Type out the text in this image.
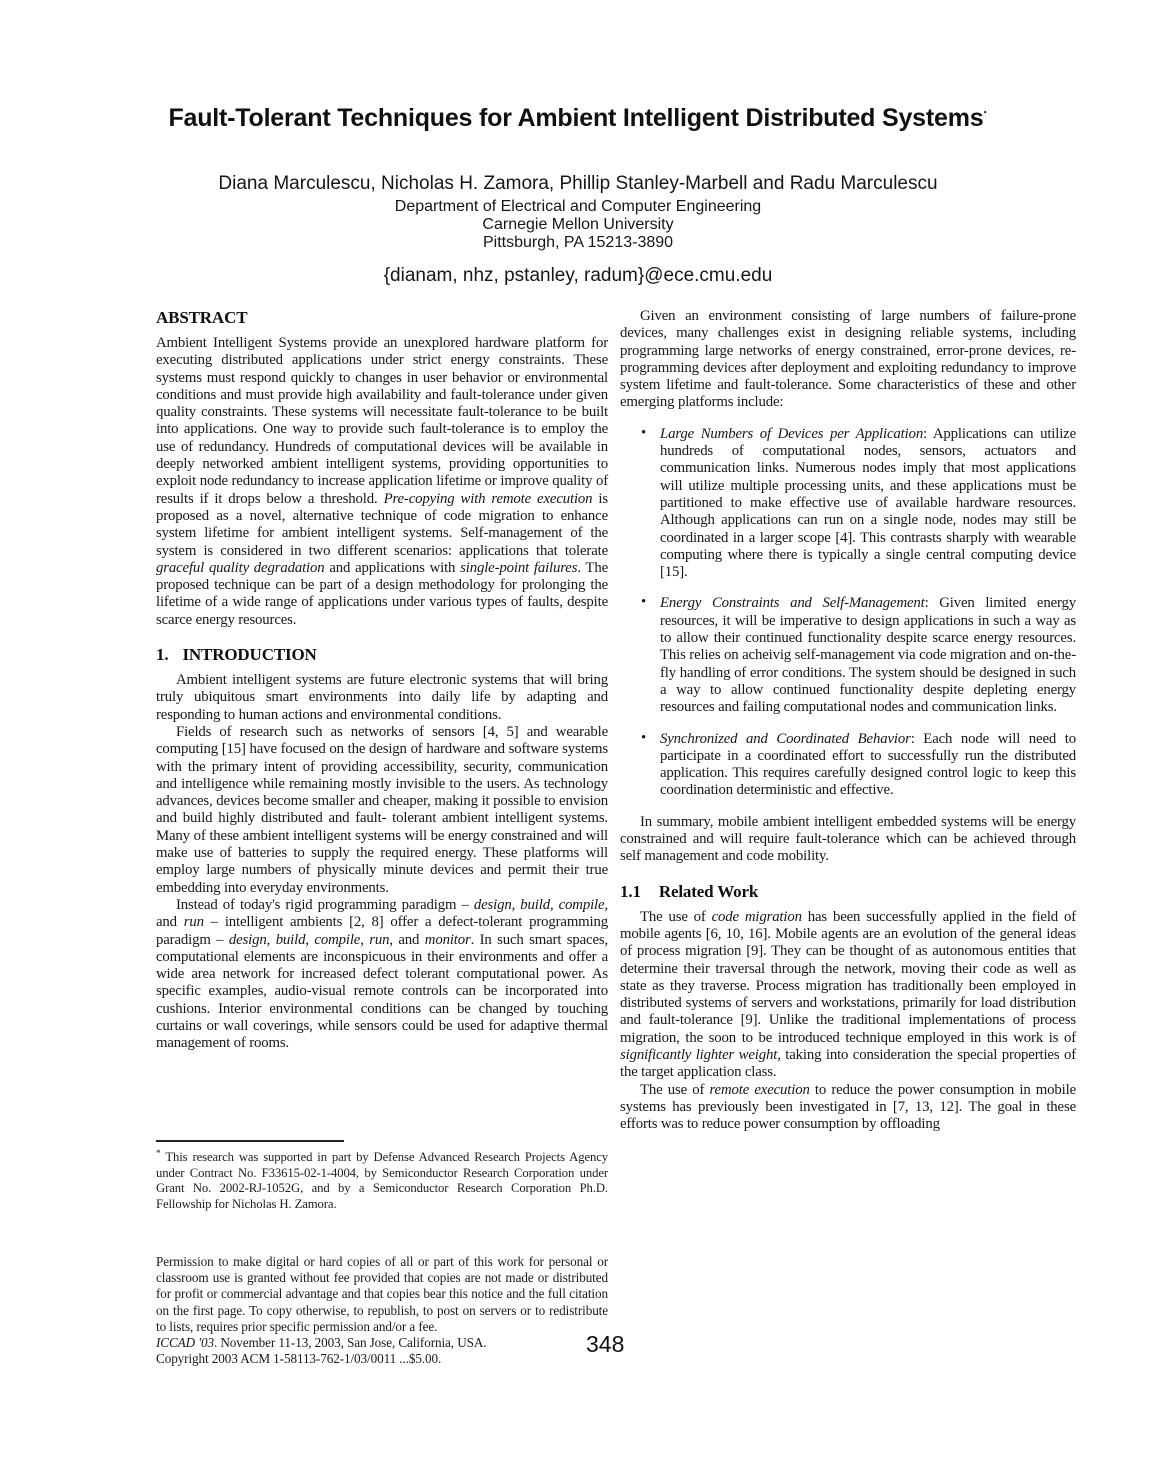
Fault-Tolerant Techniques for Ambient Intelligent Distributed Systems·
Diana Marculescu, Nicholas H. Zamora, Phillip Stanley-Marbell and Radu Marculescu
Department of Electrical and Computer Engineering
Carnegie Mellon University
Pittsburgh, PA 15213-3890
{dianam, nhz, pstanley, radum}@ece.cmu.edu
ABSTRACT

Ambient Intelligent Systems provide an unexplored hardware platform for executing distributed applications under strict energy constraints. These systems must respond quickly to changes in user behavior or environmental conditions and must provide high availability and fault-tolerance under given quality constraints. These systems will necessitate fault-tolerance to be built into applications. One way to provide such fault-tolerance is to employ the use of redundancy. Hundreds of computational devices will be available in deeply networked ambient intelligent systems, providing opportunities to exploit node redundancy to increase application lifetime or improve quality of results if it drops below a threshold. Pre-copying with remote execution is proposed as a novel, alternative technique of code migration to enhance system lifetime for ambient intelligent systems. Self-management of the system is considered in two different scenarios: applications that tolerate graceful quality degradation and applications with single-point failures. The proposed technique can be part of a design methodology for prolonging the lifetime of a wide range of applications under various types of faults, despite scarce energy resources.

1. INTRODUCTION

Ambient intelligent systems are future electronic systems that will bring truly ubiquitous smart environments into daily life by adapting and responding to human actions and environmental conditions.

Fields of research such as networks of sensors [4, 5] and wearable computing [15] have focused on the design of hardware and software systems with the primary intent of providing accessibility, security, communication and intelligence while remaining mostly invisible to the users. As technology advances, devices become smaller and cheaper, making it possible to envision and build highly distributed and fault- tolerant ambient intelligent systems. Many of these ambient intelligent systems will be energy constrained and will make use of batteries to supply the required energy. These platforms will employ large numbers of physically minute devices and permit their true embedding into everyday environments.

Instead of today's rigid programming paradigm – design, build, compile, and run – intelligent ambients [2, 8] offer a defect-tolerant programming paradigm – design, build, compile, run, and monitor. In such smart spaces, computational elements are inconspicuous in their environments and offer a wide area network for increased defect tolerant computational power. As specific examples, audio-visual remote controls can be incorporated into cushions. Interior environmental conditions can be changed by touching curtains or wall coverings, while sensors could be used for adaptive thermal management of rooms.

* This research was supported in part by Defense Advanced Research Projects Agency under Contract No. F33615-02-1-4004, by Semiconductor Research Corporation under Grant No. 2002-RJ-1052G, and by a Semiconductor Research Corporation Ph.D. Fellowship for Nicholas H. Zamora.

Permission to make digital or hard copies of all or part of this work for personal or classroom use is granted without fee provided that copies are not made or distributed for profit or commercial advantage and that copies bear this notice and the full citation on the first page. To copy otherwise, to republish, to post on servers or to redistribute to lists, requires prior specific permission and/or a fee.

ICCAD '03. November 11-13, 2003, San Jose, California, USA.

Copyright 2003 ACM 1-58113-762-1/03/0011 ...$5.00.

348

Given an environment consisting of large numbers of failure-prone devices, many challenges exist in designing reliable systems, including programming large networks of energy constrained, error-prone devices, re-programming devices after deployment and exploiting redundancy to improve system lifetime and fault-tolerance. Some characteristics of these and other emerging platforms include:

• Large Numbers of Devices per Application: Applications can utilize hundreds of computational nodes, sensors, actuators and communication links. Numerous nodes imply that most applications will utilize multiple processing units, and these applications must be partitioned to make effective use of available hardware resources. Although applications can run on a single node, nodes may still be coordinated in a larger scope [4]. This contrasts sharply with wearable computing where there is typically a single central computing device [15].
• Energy Constraints and Self-Management: Given limited energy resources, it will be imperative to design applications in such a way as to allow their continued functionality despite scarce energy resources. This relies on acheivig self-management via code migration and on-the-fly handling of error conditions. The system should be designed in such a way to allow continued functionality despite depleting energy resources and failing computational nodes and communication links.
• Synchronized and Coordinated Behavior: Each node will need to participate in a coordinated effort to successfully run the distributed application. This requires carefully designed control logic to keep this coordination deterministic and effective.

In summary, mobile ambient intelligent embedded systems will be energy constrained and will require fault-tolerance which can be achieved through self management and code mobility.

1.1 Related Work

The use of code migration has been successfully applied in the field of mobile agents [6, 10, 16]. Mobile agents are an evolution of the general ideas of process migration [9]. They can be thought of as autonomous entities that determine their traversal through the network, moving their code as well as state as they traverse. Process migration has traditionally been employed in distributed systems of servers and workstations, primarily for load distribution and fault-tolerance [9]. Unlike the traditional implementations of process migration, the soon to be introduced technique employed in this work is of significantly lighter weight, taking into consideration the special properties of the target application class.

The use of remote execution to reduce the power consumption in mobile systems has previously been investigated in [7, 13, 12]. The goal in these efforts was to reduce power consumption by offloading
